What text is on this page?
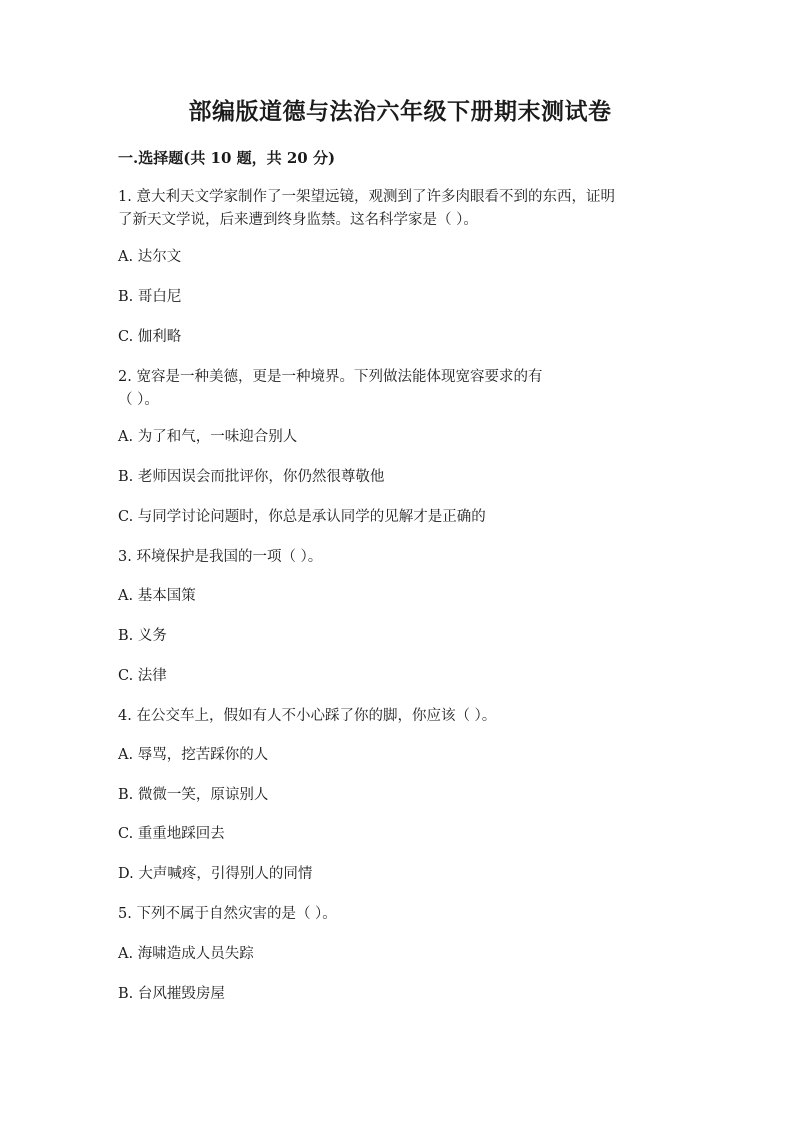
部编版道德与法治六年级下册期末测试卷
一.选择题(共 10 题，共 20 分)
1. 意大利天文学家制作了一架望远镜，观测到了许多肉眼看不到的东西，证明
了新天文学说，后来遭到终身监禁。这名科学家是（ ）。
A. 达尔文
B. 哥白尼
C. 伽利略
2. 宽容是一种美德，更是一种境界。下列做法能体现宽容要求的有
（ ）。
A. 为了和气，一味迎合别人
B. 老师因误会而批评你，你仍然很尊敬他
C. 与同学讨论问题时，你总是承认同学的见解才是正确的
3. 环境保护是我国的一项（ ）。
A. 基本国策
B. 义务
C. 法律
4. 在公交车上，假如有人不小心踩了你的脚，你应该（ ）。
A. 辱骂，挖苦踩你的人
B. 微微一笑，原谅别人
C. 重重地踩回去
D. 大声喊疼，引得别人的同情
5. 下列不属于自然灾害的是（ ）。
A. 海啸造成人员失踪
B. 台风摧毁房屋
